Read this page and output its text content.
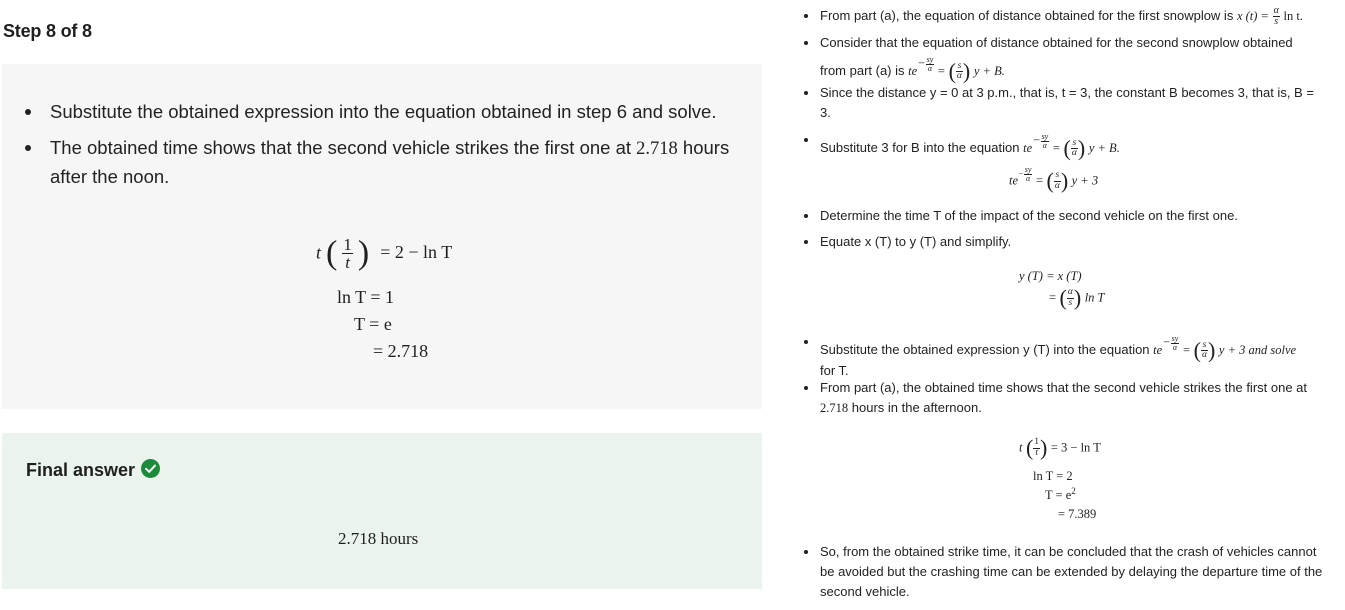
Step 8 of 8
Substitute the obtained expression into the equation obtained in step 6 and solve.
The obtained time shows that the second vehicle strikes the first one at 2.718 hours after the noon.
t ( $\frac{1}{t}$ ) = 2 − ln T
ln T = 1
T = e
= 2.718
Final answer
2.718 hours
From part (a), the equation of distance obtained for the first snowplow is x $(t) = \frac{\alpha}{s}$ ln t.
Consider that the equation of distance obtained for the second snowplow obtained
from part (a) is $te- \frac{sy}{\alpha}$ = ( $\frac{s}{\alpha}$ ) y + B.
Since the distance y = 0 at 3 p.m., that is, t = 3, the constant B becomes 3, that is, B =
3.
Substitute 3 for B into the equation $te- \frac{sy}{\alpha}$ = ( $\frac{s}{\alpha}$ ) y + B.
$te^{- \frac{sy}{\alpha}}$ = ( $\frac{s}{\alpha}$ ) y + 3
Determine the time T of the impact of the second vehicle on the first one.
Equate x (T) to y (T) and simplify.
y (T) = x (T)
= ( $\frac{\alpha}{s}$ ) ln T
Substitute the obtained expression y (T) into the equation $te- \frac{sy}{\alpha}$ = ( $\frac{s}{\alpha}$ ) y + 3 and solve
for T.
From part (a), the obtained time shows that the second vehicle strikes the first one at
2.718 hours in the afternoon.
t ( $\frac{1}{t}$ ) = 3 − ln T
ln T = 2
$T = e^2$
= 7.389
So, from the obtained strike time, it can be concluded that the crash of vehicles cannot
be avoided but the crashing time can be extended by delaying the departure time of the
second vehicle.
